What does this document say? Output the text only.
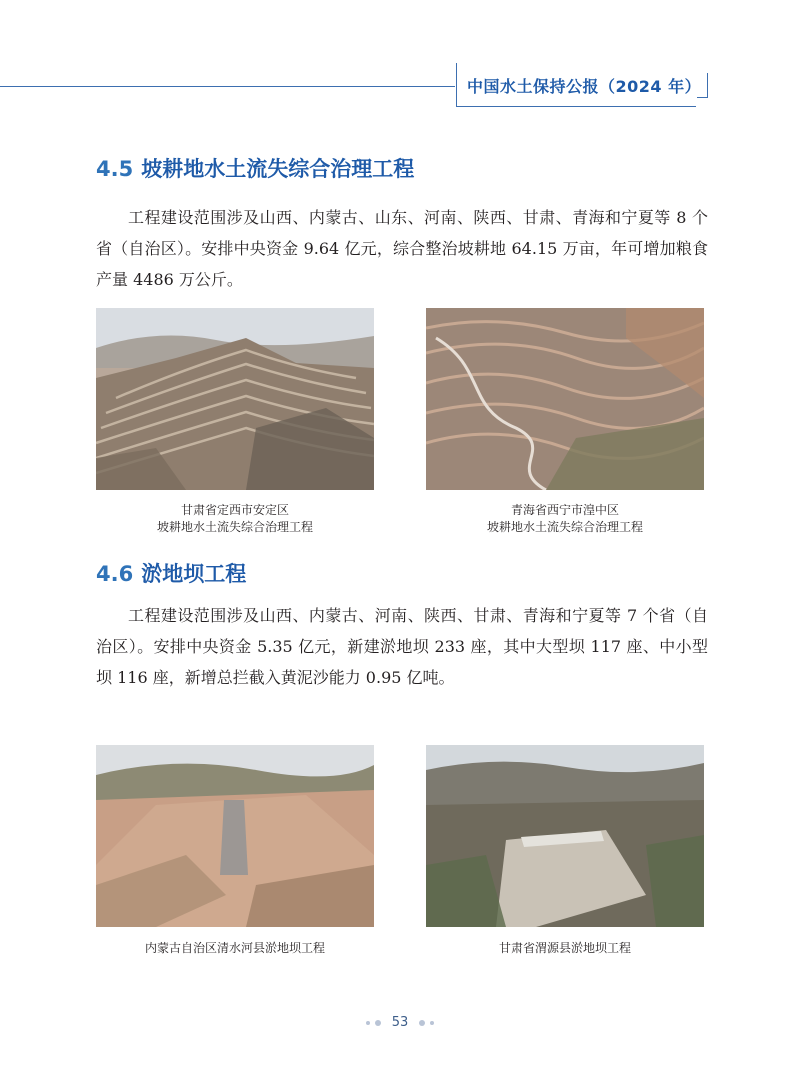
中国水土保持公报（2024 年）
4.5 坡耕地水土流失综合治理工程

工程建设范围涉及山西、内蒙古、山东、河南、陕西、甘肃、青海和宁夏等 8 个省（自治区）。安排中央资金 9.64 亿元，综合整治坡耕地 64.15 万亩，年可增加粮食产量 4486 万公斤。

甘肃省定西市安定区
坡耕地水土流失综合治理工程
青海省西宁市湟中区
坡耕地水土流失综合治理工程
4.6 淤地坝工程

工程建设范围涉及山西、内蒙古、河南、陕西、甘肃、青海和宁夏等 7 个省（自治区）。安排中央资金 5.35 亿元，新建淤地坝 233 座，其中大型坝 117 座、中小型坝 116 座，新增总拦截入黄泥沙能力 0.95 亿吨。

内蒙古自治区清水河县淤地坝工程	甘肃省渭源县淤地坝工程
53
